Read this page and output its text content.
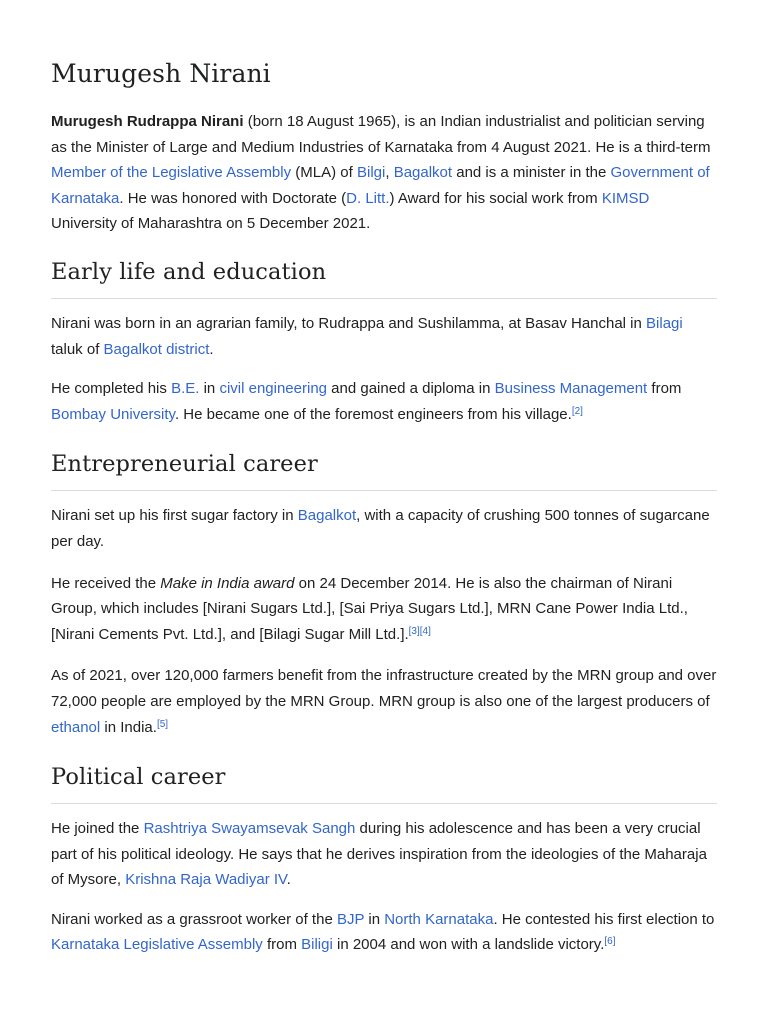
Murugesh Nirani

Murugesh Rudrappa Nirani (born 18 August 1965), is an Indian industrialist and politician serving as the Minister of Large and Medium Industries of Karnataka from 4 August 2021. He is a third-term Member of the Legislative Assembly (MLA) of Bilgi, Bagalkot and is a minister in the Government of Karnataka. He was honored with Doctorate (D. Litt.) Award for his social work from KIMSD University of Maharashtra on 5 December 2021.

Early life and education

Nirani was born in an agrarian family, to Rudrappa and Sushilamma, at Basav Hanchal in Bilagi taluk of Bagalkot district.

He completed his B.E. in civil engineering and gained a diploma in Business Management from Bombay University. He became one of the foremost engineers from his village.[2]

Entrepreneurial career

Nirani set up his first sugar factory in Bagalkot, with a capacity of crushing 500 tonnes of sugarcane per day.

He received the Make in India award on 24 December 2014. He is also the chairman of Nirani Group, which includes [Nirani Sugars Ltd.], [Sai Priya Sugars Ltd.], MRN Cane Power India Ltd., [Nirani Cements Pvt. Ltd.], and [Bilagi Sugar Mill Ltd.].[3][4]

As of 2021, over 120,000 farmers benefit from the infrastructure created by the MRN group and over 72,000 people are employed by the MRN Group. MRN group is also one of the largest producers of ethanol in India.[5]

Political career

He joined the Rashtriya Swayamsevak Sangh during his adolescence and has been a very crucial part of his political ideology. He says that he derives inspiration from the ideologies of the Maharaja of Mysore, Krishna Raja Wadiyar IV.

Nirani worked as a grassroot worker of the BJP in North Karnataka. He contested his first election to Karnataka Legislative Assembly from Biligi in 2004 and won with a landslide victory.[6]
